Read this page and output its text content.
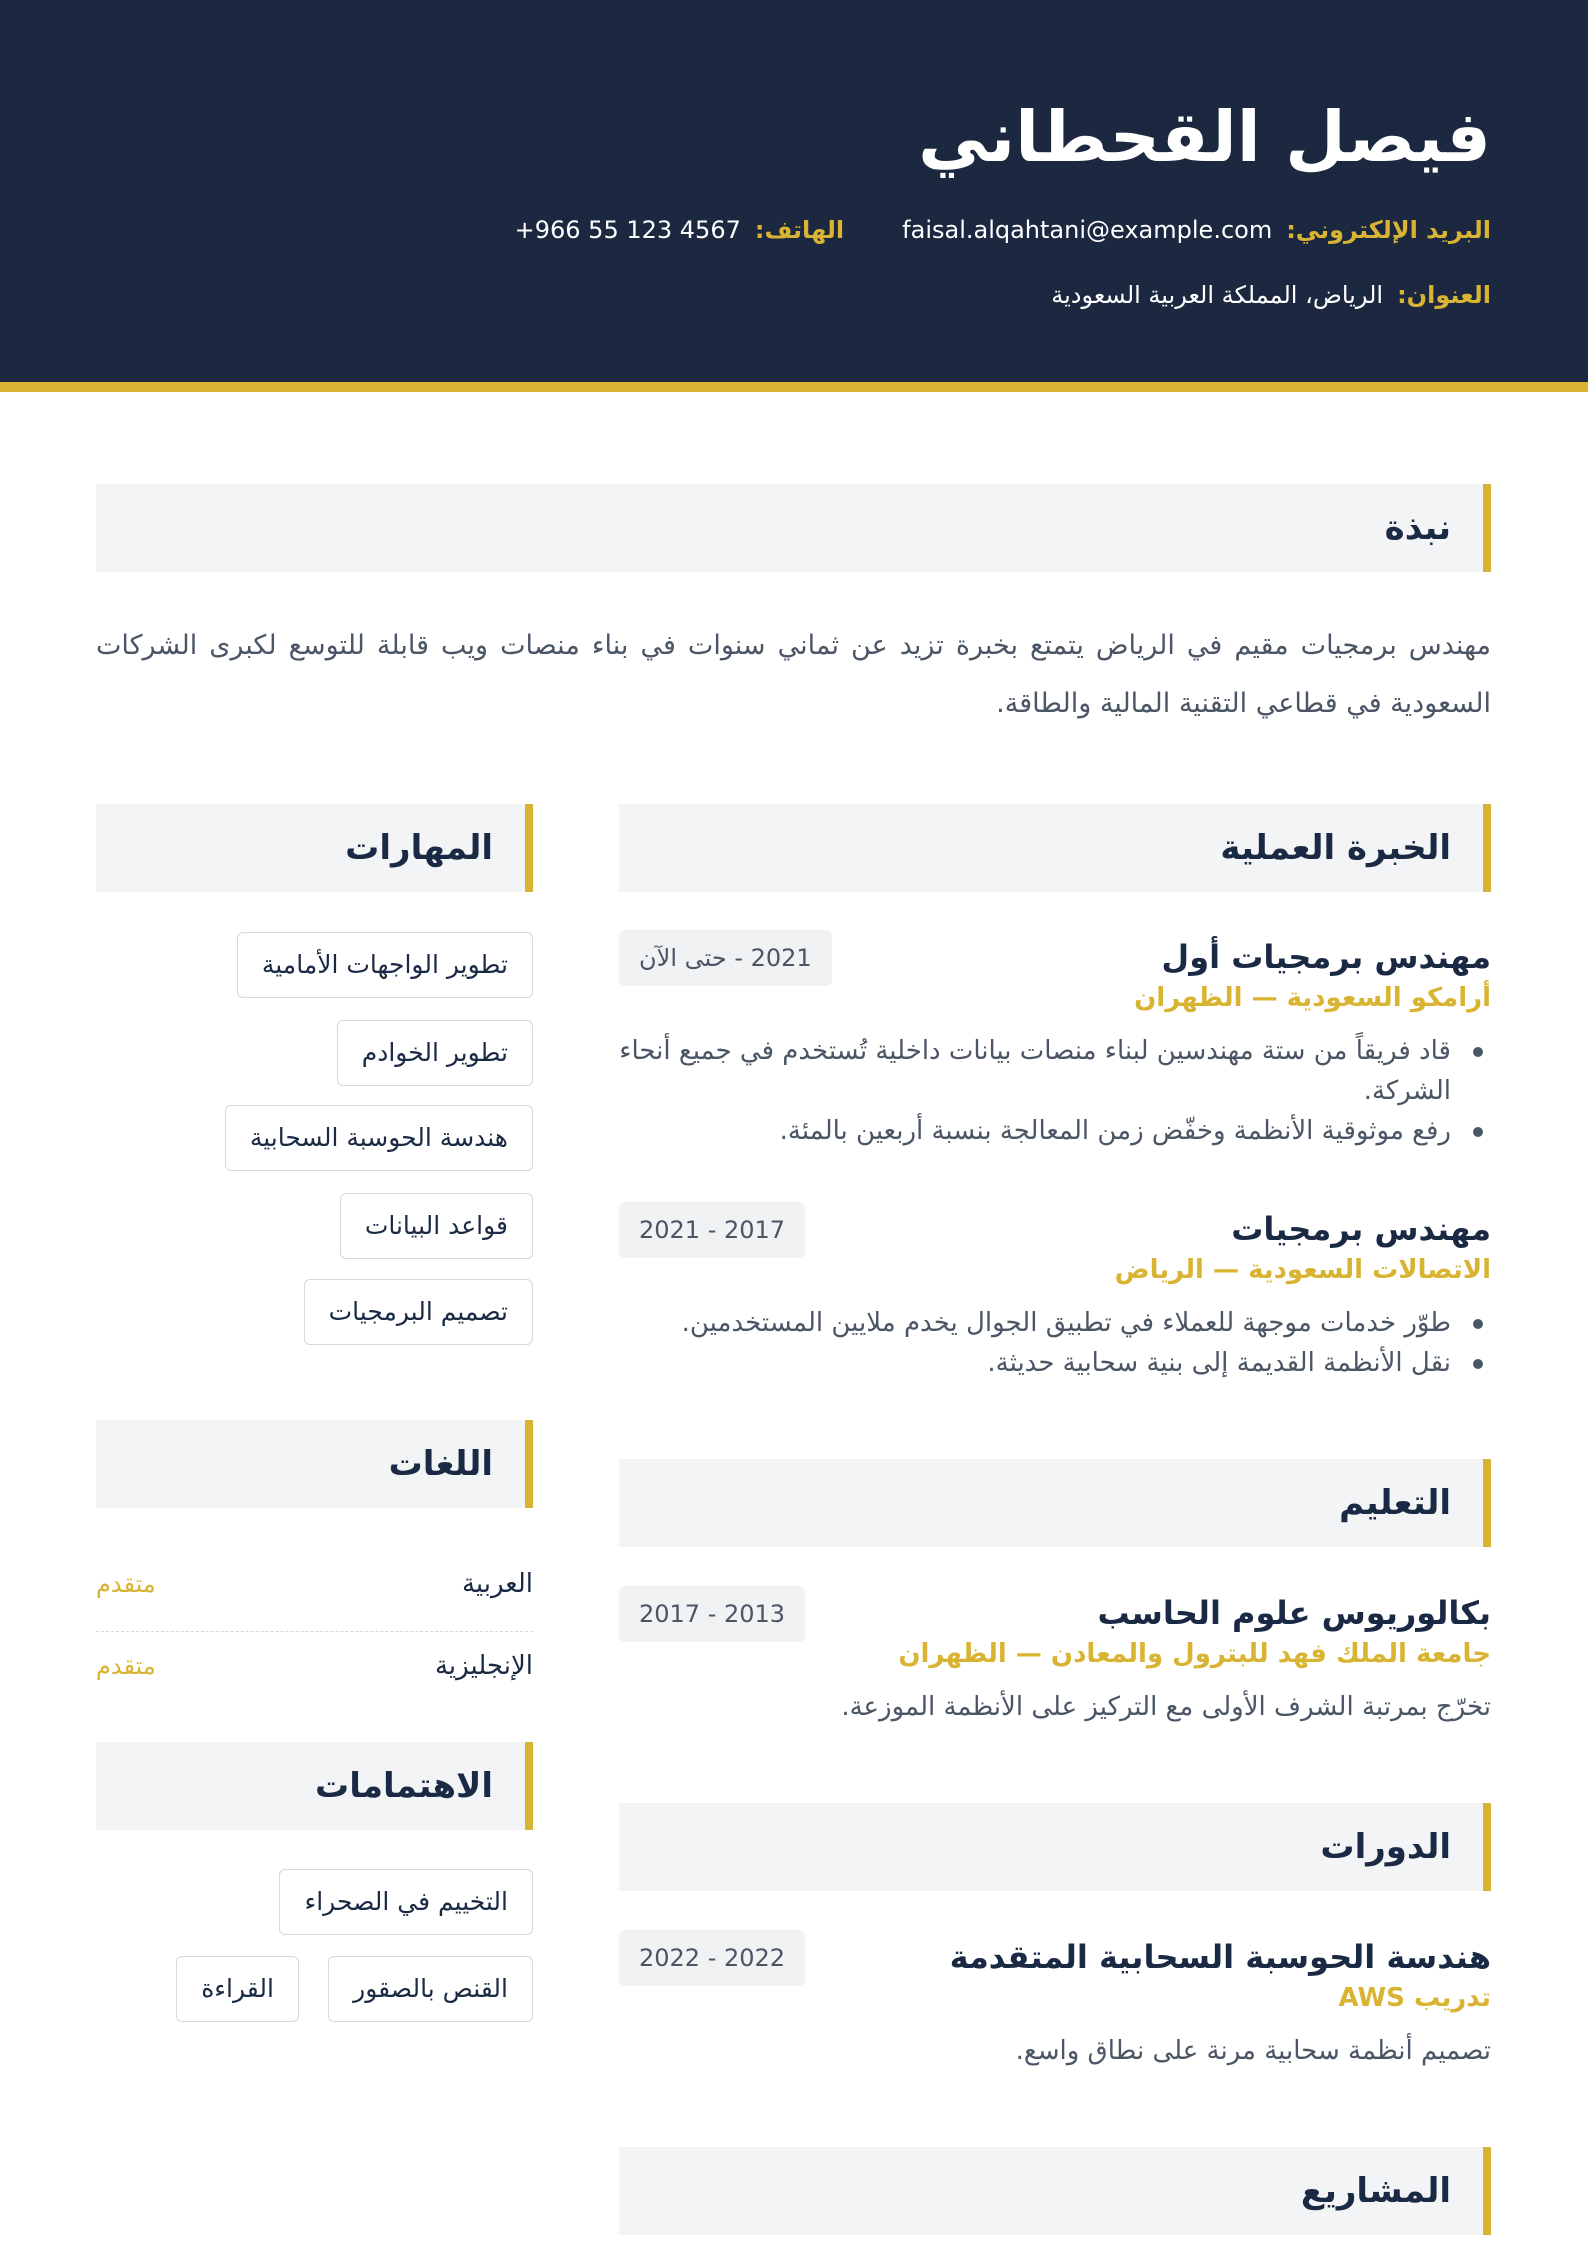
فيصل القحطاني
البريد الإلكتروني:
faisal.alqahtani@example.com
الهاتف:
+966 55 123 4567
العنوان:
الرياض، المملكة العربية السعودية
نبذة

مهندس برمجيات مقيم في الرياض يتمتع بخبرة تزيد عن ثماني سنوات في بناء منصات ويب قابلة للتوسع لكبرى الشركات السعودية في قطاعي التقنية المالية والطاقة.

الخبرة العملية
مهندس برمجيات أول
2021 - حتى الآن
أرامكو السعودية — الظهران
قاد فريقاً من ستة مهندسين لبناء منصات بيانات داخلية تُستخدم في جميع أنحاء الشركة.
رفع موثوقية الأنظمة وخفّض زمن المعالجة بنسبة أربعين بالمئة.
مهندس برمجيات
2017 - 2021
الاتصالات السعودية — الرياض
طوّر خدمات موجهة للعملاء في تطبيق الجوال يخدم ملايين المستخدمين.
نقل الأنظمة القديمة إلى بنية سحابية حديثة.
التعليم
بكالوريوس علوم الحاسب
2013 - 2017
جامعة الملك فهد للبترول والمعادن — الظهران
تخرّج بمرتبة الشرف الأولى مع التركيز على الأنظمة الموزعة.
الدورات
هندسة الحوسبة السحابية المتقدمة
2022 - 2022
تدريب AWS
تصميم أنظمة سحابية مرنة على نطاق واسع.
المشاريع
المهارات
تطوير الواجهات الأمامية
تطوير الخوادم
هندسة الحوسبة السحابية
قواعد البيانات
تصميم البرمجيات
اللغات
العربية
متقدم
الإنجليزية
متقدم
الاهتمامات
التخييم في الصحراء
القنص بالصقور
القراءة
